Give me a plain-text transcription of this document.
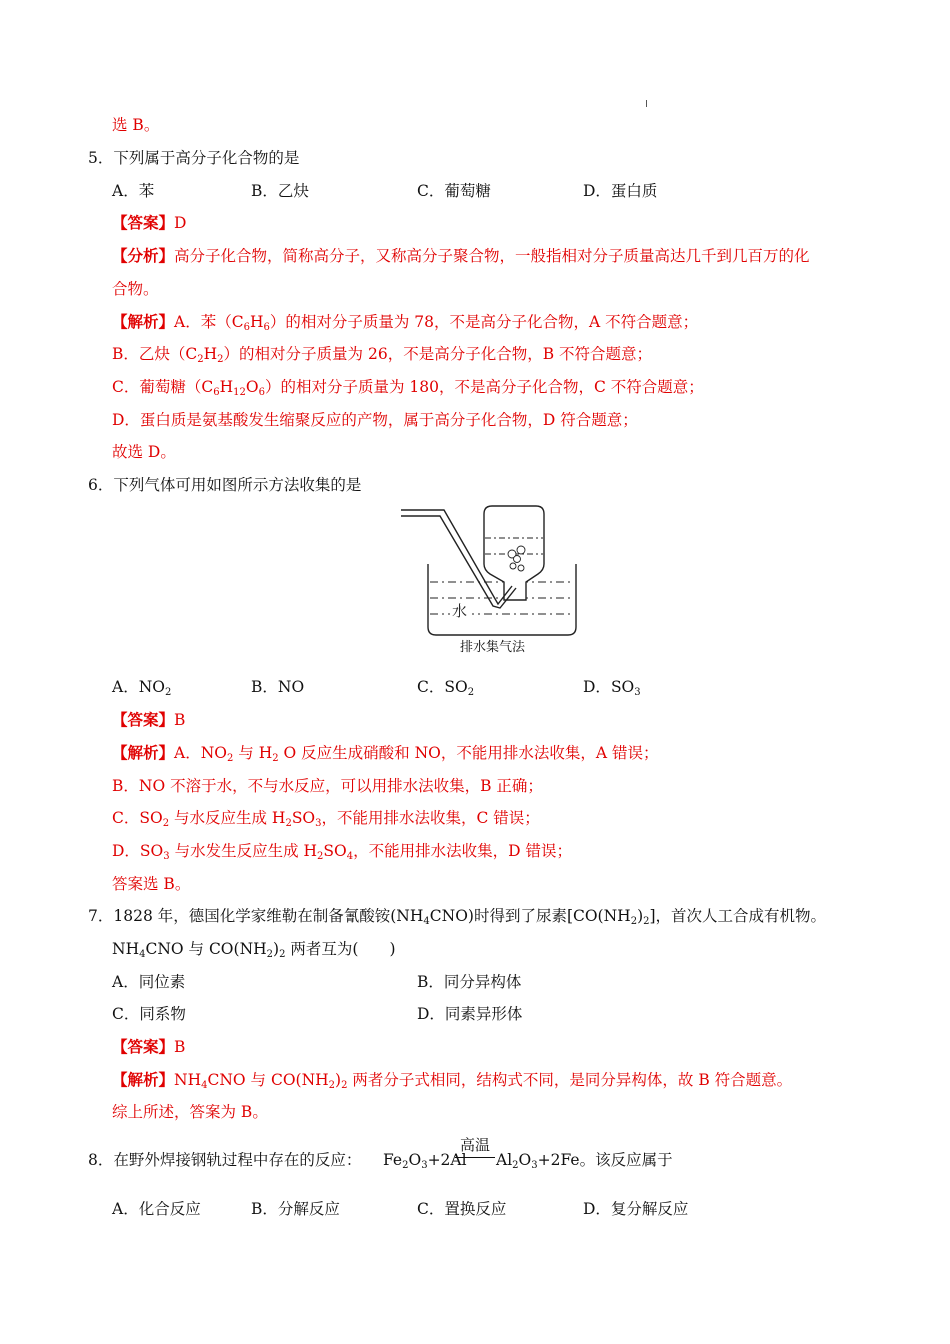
选 B。
5．下列属于高分子化合物的是
A．苯	B．乙炔	C．葡萄糖	D．蛋白质
【答案】D
【分析】高分子化合物，简称高分子，又称高分子聚合物，一般指相对分子质量高达几千到几百万的化
合物。
【解析】A．苯$(C_6H_6)$的相对分子质量为 78，不是高分子化合物，A 不符合题意；
B．乙炔$(C_2H_2)$的相对分子质量为 26，不是高分子化合物，B 不符合题意；
C．葡萄糖$(C_6H_{12}O_6)$的相对分子质量为 180，不是高分子化合物，C 不符合题意；
D．蛋白质是氨基酸发生缩聚反应的产物，属于高分子化合物，D 符合题意；
故选 D。
6．下列气体可用如图所示方法收集的是
水
排水集气法
A．$NO_2$	B．NO	C．$SO_2$	D．$SO_3$
【答案】B
【解析】A．$NO_2$ 与 $H_2$ O 反应生成硝酸和 NO，不能用排水法收集，A 错误；
B．NO 不溶于水，不与水反应，可以用排水法收集，B 正确；
C．$SO_2$ 与水反应生成 $H_2SO_3$，不能用排水法收集，C 错误；
D．$SO_3$ 与水发生反应生成 $H_2SO_4$，不能用排水法收集，D 错误；
答案选 B。
7．1828 年，德国化学家维勒在制备氰酸铵$(NH_4CNO)$时得到了尿素$[CO(NH_2)_2]$，首次人工合成有机物。
$NH_4CNO$ 与 $CO(NH_2)_2$ 两者互为(　　)
A．同位素	B．同分异构体
C．同系物	D．同素异形体
【答案】B
【解析】$NH_4CNO$ 与 $CO(NH_2)_2$ 两者分子式相同，结构式不同，是同分异构体，故 B 符合题意。
综上所述，答案为 B。
高温
8．在野外焊接钢轨过程中存在的反应： $Fe_2O_3+2Al$ $Al_2O_3+2Fe$。该反应属于
A．化合反应	B．分解反应	C．置换反应	D．复分解反应
